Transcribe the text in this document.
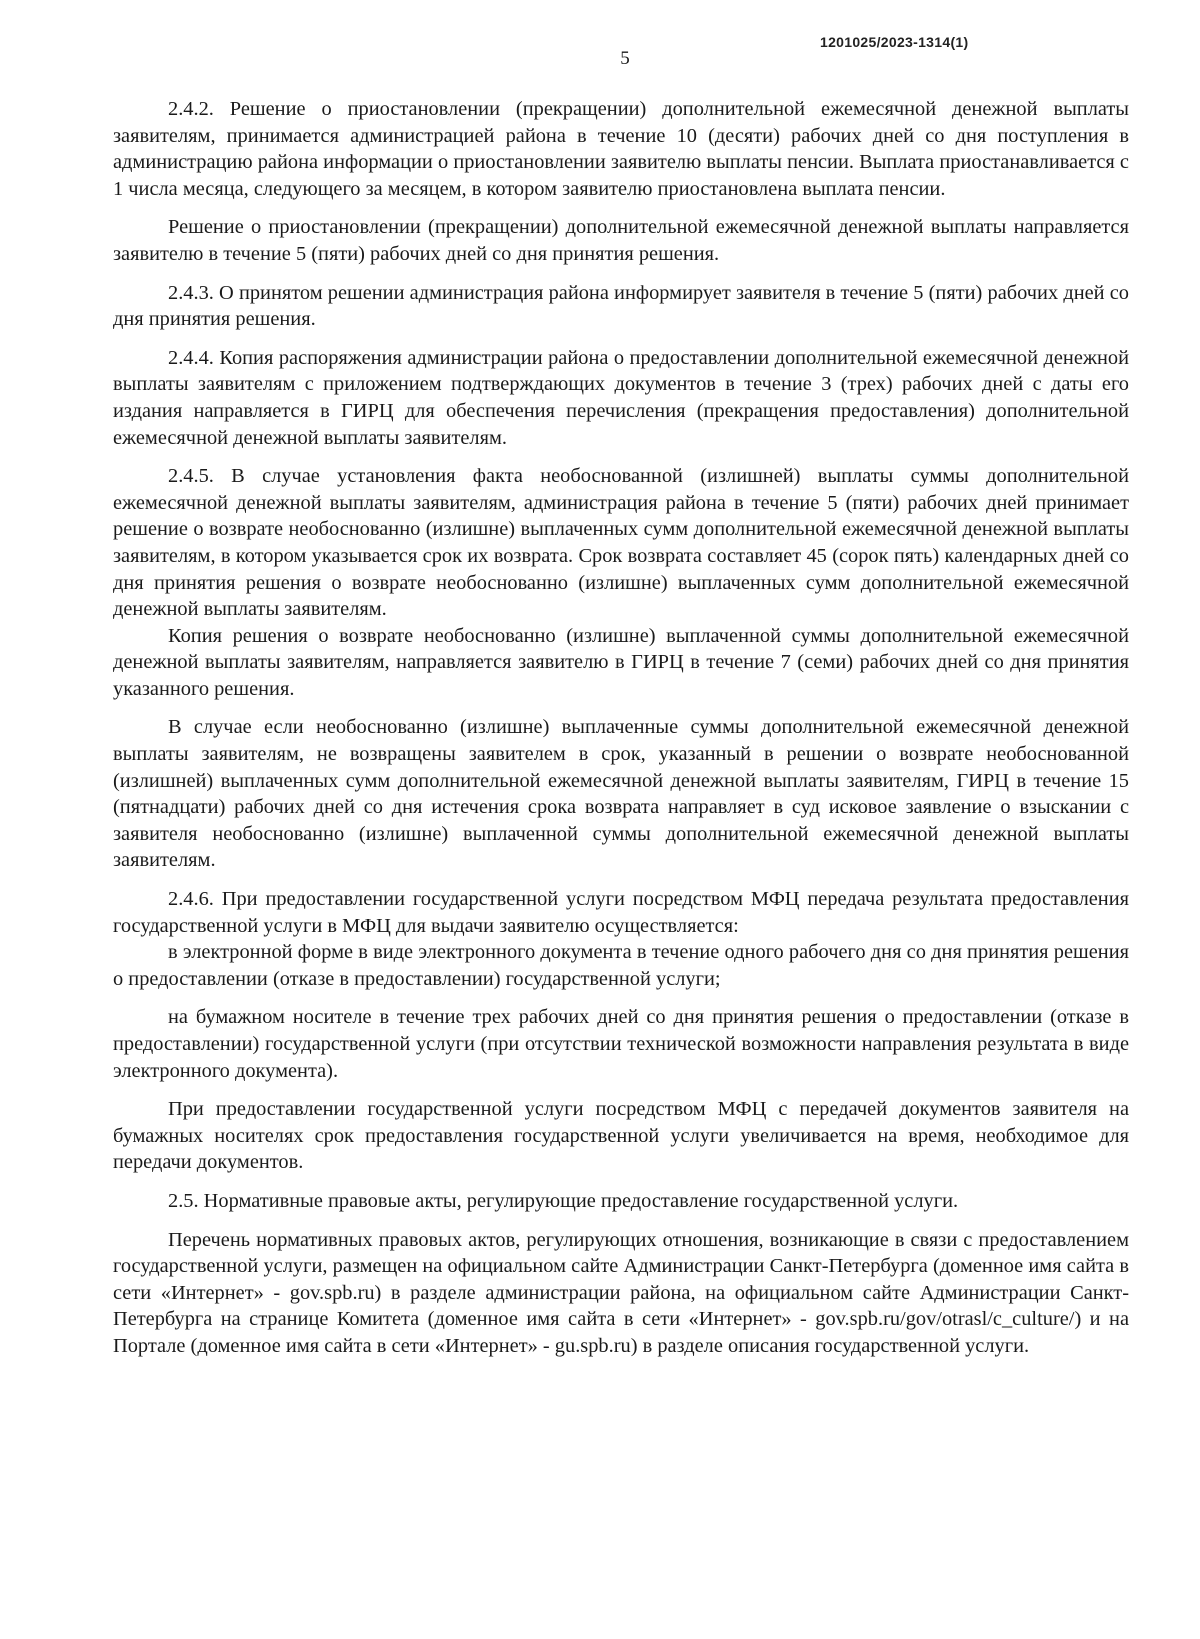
1201025/2023-1314(1)
5

2.4.2. Решение о приостановлении (прекращении) дополнительной ежемесячной денежной выплаты заявителям, принимается администрацией района в течение 10 (десяти) рабочих дней со дня поступления в администрацию района информации о приостановлении заявителю выплаты пенсии. Выплата приостанавливается с 1 числа месяца, следующего за месяцем, в котором заявителю приостановлена выплата пенсии.

Решение о приостановлении (прекращении) дополнительной ежемесячной денежной выплаты направляется заявителю в течение 5 (пяти) рабочих дней со дня принятия решения.

2.4.3. О принятом решении администрация района информирует заявителя в течение 5 (пяти) рабочих дней со дня принятия решения.

2.4.4. Копия распоряжения администрации района о предоставлении дополнительной ежемесячной денежной выплаты заявителям с приложением подтверждающих документов в течение 3 (трех) рабочих дней с даты его издания направляется в ГИРЦ для обеспечения перечисления (прекращения предоставления) дополнительной ежемесячной денежной выплаты заявителям.

2.4.5. В случае установления факта необоснованной (излишней) выплаты суммы дополнительной ежемесячной денежной выплаты заявителям, администрация района в течение 5 (пяти) рабочих дней принимает решение о возврате необоснованно (излишне) выплаченных сумм дополнительной ежемесячной денежной выплаты заявителям, в котором указывается срок их возврата. Срок возврата составляет 45 (сорок пять) календарных дней со дня принятия решения о возврате необоснованно (излишне) выплаченных сумм дополнительной ежемесячной денежной выплаты заявителям.

Копия решения о возврате необоснованно (излишне) выплаченной суммы дополнительной ежемесячной денежной выплаты заявителям, направляется заявителю в ГИРЦ в течение 7 (семи) рабочих дней со дня принятия указанного решения.

В случае если необоснованно (излишне) выплаченные суммы дополнительной ежемесячной денежной выплаты заявителям, не возвращены заявителем в срок, указанный в решении о возврате необоснованной (излишней) выплаченных сумм дополнительной ежемесячной денежной выплаты заявителям, ГИРЦ в течение 15 (пятнадцати) рабочих дней со дня истечения срока возврата направляет в суд исковое заявление о взыскании с заявителя необоснованно (излишне) выплаченной суммы дополнительной ежемесячной денежной выплаты заявителям.

2.4.6. При предоставлении государственной услуги посредством МФЦ передача результата предоставления государственной услуги в МФЦ для выдачи заявителю осуществляется:

в электронной форме в виде электронного документа в течение одного рабочего дня со дня принятия решения о предоставлении (отказе в предоставлении) государственной услуги;

на бумажном носителе в течение трех рабочих дней со дня принятия решения о предоставлении (отказе в предоставлении) государственной услуги (при отсутствии технической возможности направления результата в виде электронного документа).

При предоставлении государственной услуги посредством МФЦ с передачей документов заявителя на бумажных носителях срок предоставления государственной услуги увеличивается на время, необходимое для передачи документов.

2.5. Нормативные правовые акты, регулирующие предоставление государственной услуги.

Перечень нормативных правовых актов, регулирующих отношения, возникающие в связи с предоставлением государственной услуги, размещен на официальном сайте Администрации Санкт-Петербурга (доменное имя сайта в сети «Интернет» - gov.spb.ru) в разделе администрации района, на официальном сайте Администрации Санкт-Петербурга на странице Комитета (доменное имя сайта в сети «Интернет» - gov.spb.ru/gov/otrasl/c_culture/) и на Портале (доменное имя сайта в сети «Интернет» - gu.spb.ru) в разделе описания государственной услуги.
